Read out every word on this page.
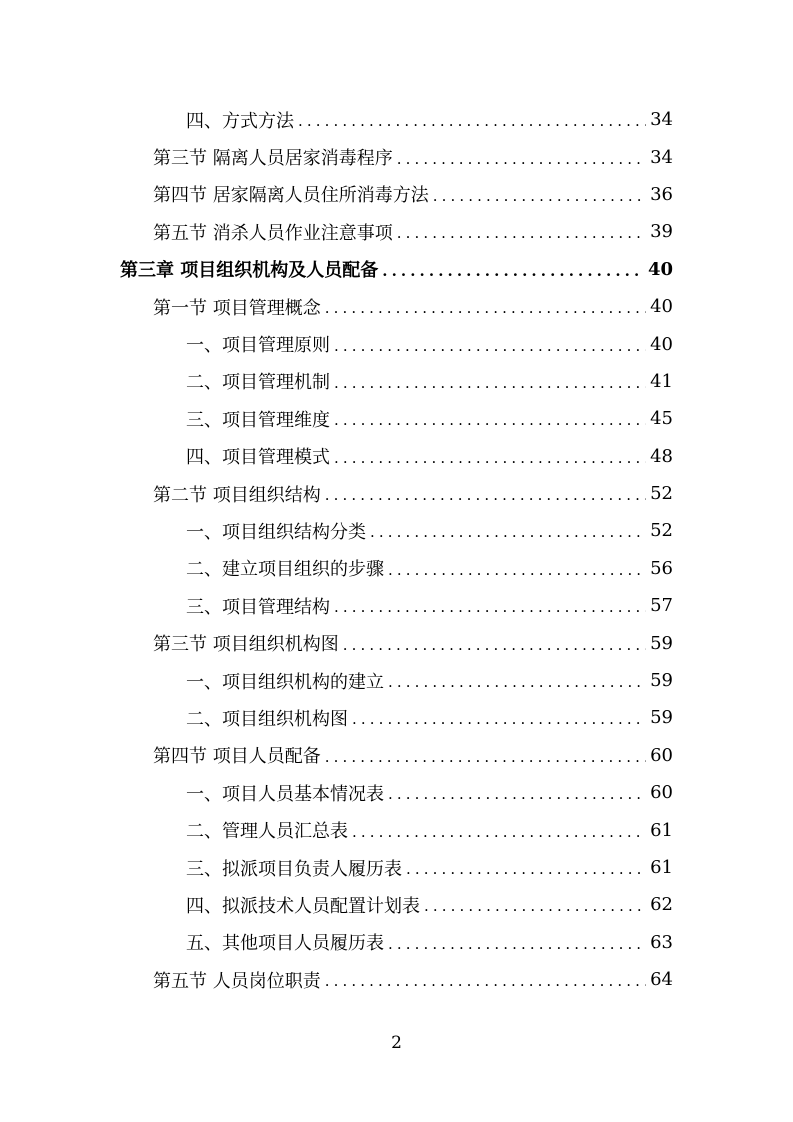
四、方式方法 .....	34
第三节 隔离人员居家消毒程序 .....	34
第四节 居家隔离人员住所消毒方法 .....	36
第五节 消杀人员作业注意事项 .....	39
第三章 项目组织机构及人员配备 .....	40
第一节 项目管理概念 .....	40
一、项目管理原则 .....	40
二、项目管理机制 .....	41
三、项目管理维度 .....	45
四、项目管理模式 .....	48
第二节 项目组织结构 .....	52
一、项目组织结构分类 .....	52
二、建立项目组织的步骤 .....	56
三、项目管理结构 .....	57
第三节 项目组织机构图 .....	59
一、项目组织机构的建立 .....	59
二、项目组织机构图 .....	59
第四节 项目人员配备 .....	60
一、项目人员基本情况表 .....	60
二、管理人员汇总表 .....	61
三、拟派项目负责人履历表 .....	61
四、拟派技术人员配置计划表 .....	62
五、其他项目人员履历表 .....	63
第五节 人员岗位职责 .....	64
2
